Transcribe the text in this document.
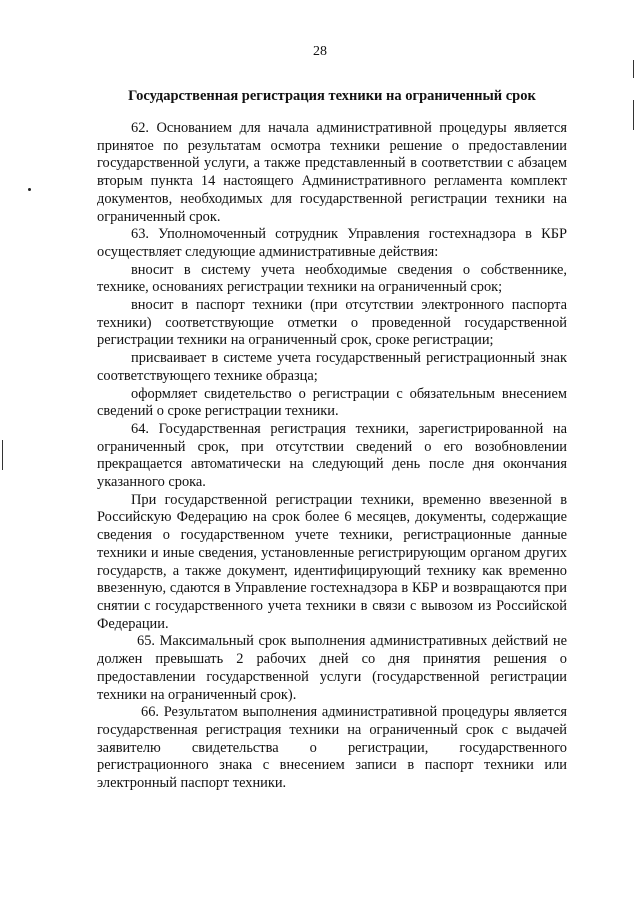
28
Государственная регистрация техники на ограниченный срок

62. Основанием для начала административной процедуры является принятое по результатам осмотра техники решение о предоставлении государственной услуги, а также представленный в соответствии с абзацем вторым пункта 14 настоящего Административного регламента комплект документов, необходимых для государственной регистрации техники на ограниченный срок.

63. Уполномоченный сотрудник Управления гостехнадзора в КБР осуществляет следующие административные действия:

вносит в систему учета необходимые сведения о собственнике, технике, основаниях регистрации техники на ограниченный срок;

вносит в паспорт техники (при отсутствии электронного паспорта техники) соответствующие отметки о проведенной государственной регистрации техники на ограниченный срок, сроке регистрации;

присваивает в системе учета государственный регистрационный знак соответствующего технике образца;

оформляет свидетельство о регистрации с обязательным внесением сведений о сроке регистрации техники.

64. Государственная регистрация техники, зарегистрированной на ограниченный срок, при отсутствии сведений о его возобновлении прекращается автоматически на следующий день после дня окончания указанного срока.

При государственной регистрации техники, временно ввезенной в Российскую Федерацию на срок более 6 месяцев, документы, содержащие сведения о государственном учете техники, регистрационные данные техники и иные сведения, установленные регистрирующим органом других государств, а также документ, идентифицирующий технику как временно ввезенную, сдаются в Управление гостехнадзора в КБР и возвращаются при снятии с государственного учета техники в связи с вывозом из Российской Федерации.

65. Максимальный срок выполнения административных действий не должен превышать 2 рабочих дней со дня принятия решения о предоставлении государственной услуги (государственной регистрации техники на ограниченный срок).

66. Результатом выполнения административной процедуры является государственная регистрация техники на ограниченный срок с выдачей заявителю свидетельства о регистрации, государственного регистрационного знака с внесением записи в паспорт техники или электронный паспорт техники.
